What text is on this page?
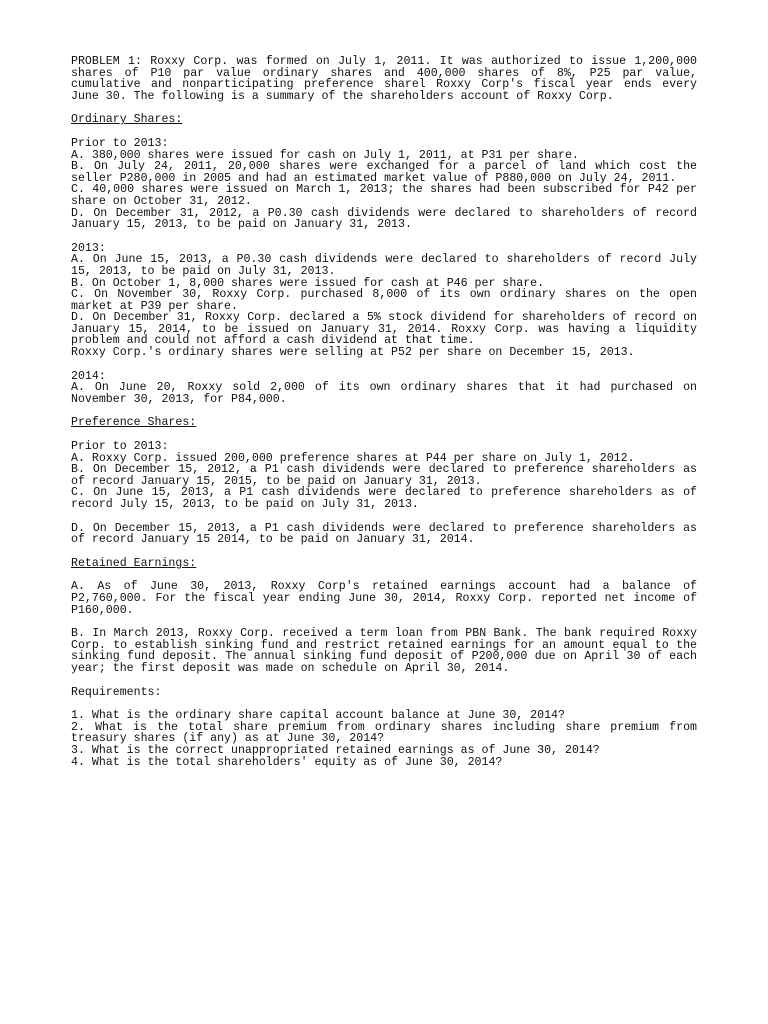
PROBLEM 1: Roxxy Corp. was formed on July 1, 2011. It was authorized to issue 1,200,000 shares of P10 par value ordinary shares and 400,000 shares of 8%, P25 par value, cumulative and nonparticipating preference sharel Roxxy Corp's fiscal year ends every June 30. The following is a summary of the shareholders account of Roxxy Corp.

Ordinary Shares:

Prior to 2013:

A. 380,000 shares were issued for cash on July 1, 2011, at P31 per share.

B. On July 24, 2011, 20,000 shares were exchanged for a parcel of land which cost the seller P280,000 in 2005 and had an estimated market value of P880,000 on July 24, 2011.

C. 40,000 shares were issued on March 1, 2013; the shares had been subscribed for P42 per share on October 31, 2012.

D. On December 31, 2012, a P0.30 cash dividends were declared to shareholders of record January 15, 2013, to be paid on January 31, 2013.

2013:

A. On June 15, 2013, a P0.30 cash dividends were declared to shareholders of record July 15, 2013, to be paid on July 31, 2013.

B. On October 1, 8,000 shares were issued for cash at P46 per share.

C. On November 30, Roxxy Corp. purchased 8,000 of its own ordinary shares on the open market at P39 per share.

D. On December 31, Roxxy Corp. declared a 5% stock dividend for shareholders of record on January 15, 2014, to be issued on January 31, 2014. Roxxy Corp. was having a liquidity problem and could not afford a cash dividend at that time.

Roxxy Corp.'s ordinary shares were selling at P52 per share on December 15, 2013.

2014:

A. On June 20, Roxxy sold 2,000 of its own ordinary shares that it had purchased on November 30, 2013, for P84,000.

Preference Shares:

Prior to 2013:

A. Roxxy Corp. issued 200,000 preference shares at P44 per share on July 1, 2012.

B. On December 15, 2012, a P1 cash dividends were declared to preference shareholders as of record January 15, 2015, to be paid on January 31, 2013.

C. On June 15, 2013, a P1 cash dividends were declared to preference shareholders as of record July 15, 2013, to be paid on July 31, 2013.

D. On December 15, 2013, a P1 cash dividends were declared to preference shareholders as of record January 15 2014, to be paid on January 31, 2014.

Retained Earnings:

A. As of June 30, 2013, Roxxy Corp's retained earnings account had a balance of P2,760,000. For the fiscal year ending June 30, 2014, Roxxy Corp. reported net income of P160,000.

B. In March 2013, Roxxy Corp. received a term loan from PBN Bank. The bank required Roxxy Corp. to establish sinking fund and restrict retained earnings for an amount equal to the sinking fund deposit. The annual sinking fund deposit of P200,000 due on April 30 of each year; the first deposit was made on schedule on April 30, 2014.

Requirements:

1. What is the ordinary share capital account balance at June 30, 2014?

2. What is the total share premium from ordinary shares including share premium from treasury shares (if any) as at June 30, 2014?

3. What is the correct unappropriated retained earnings as of June 30, 2014?

4. What is the total shareholders' equity as of June 30, 2014?
